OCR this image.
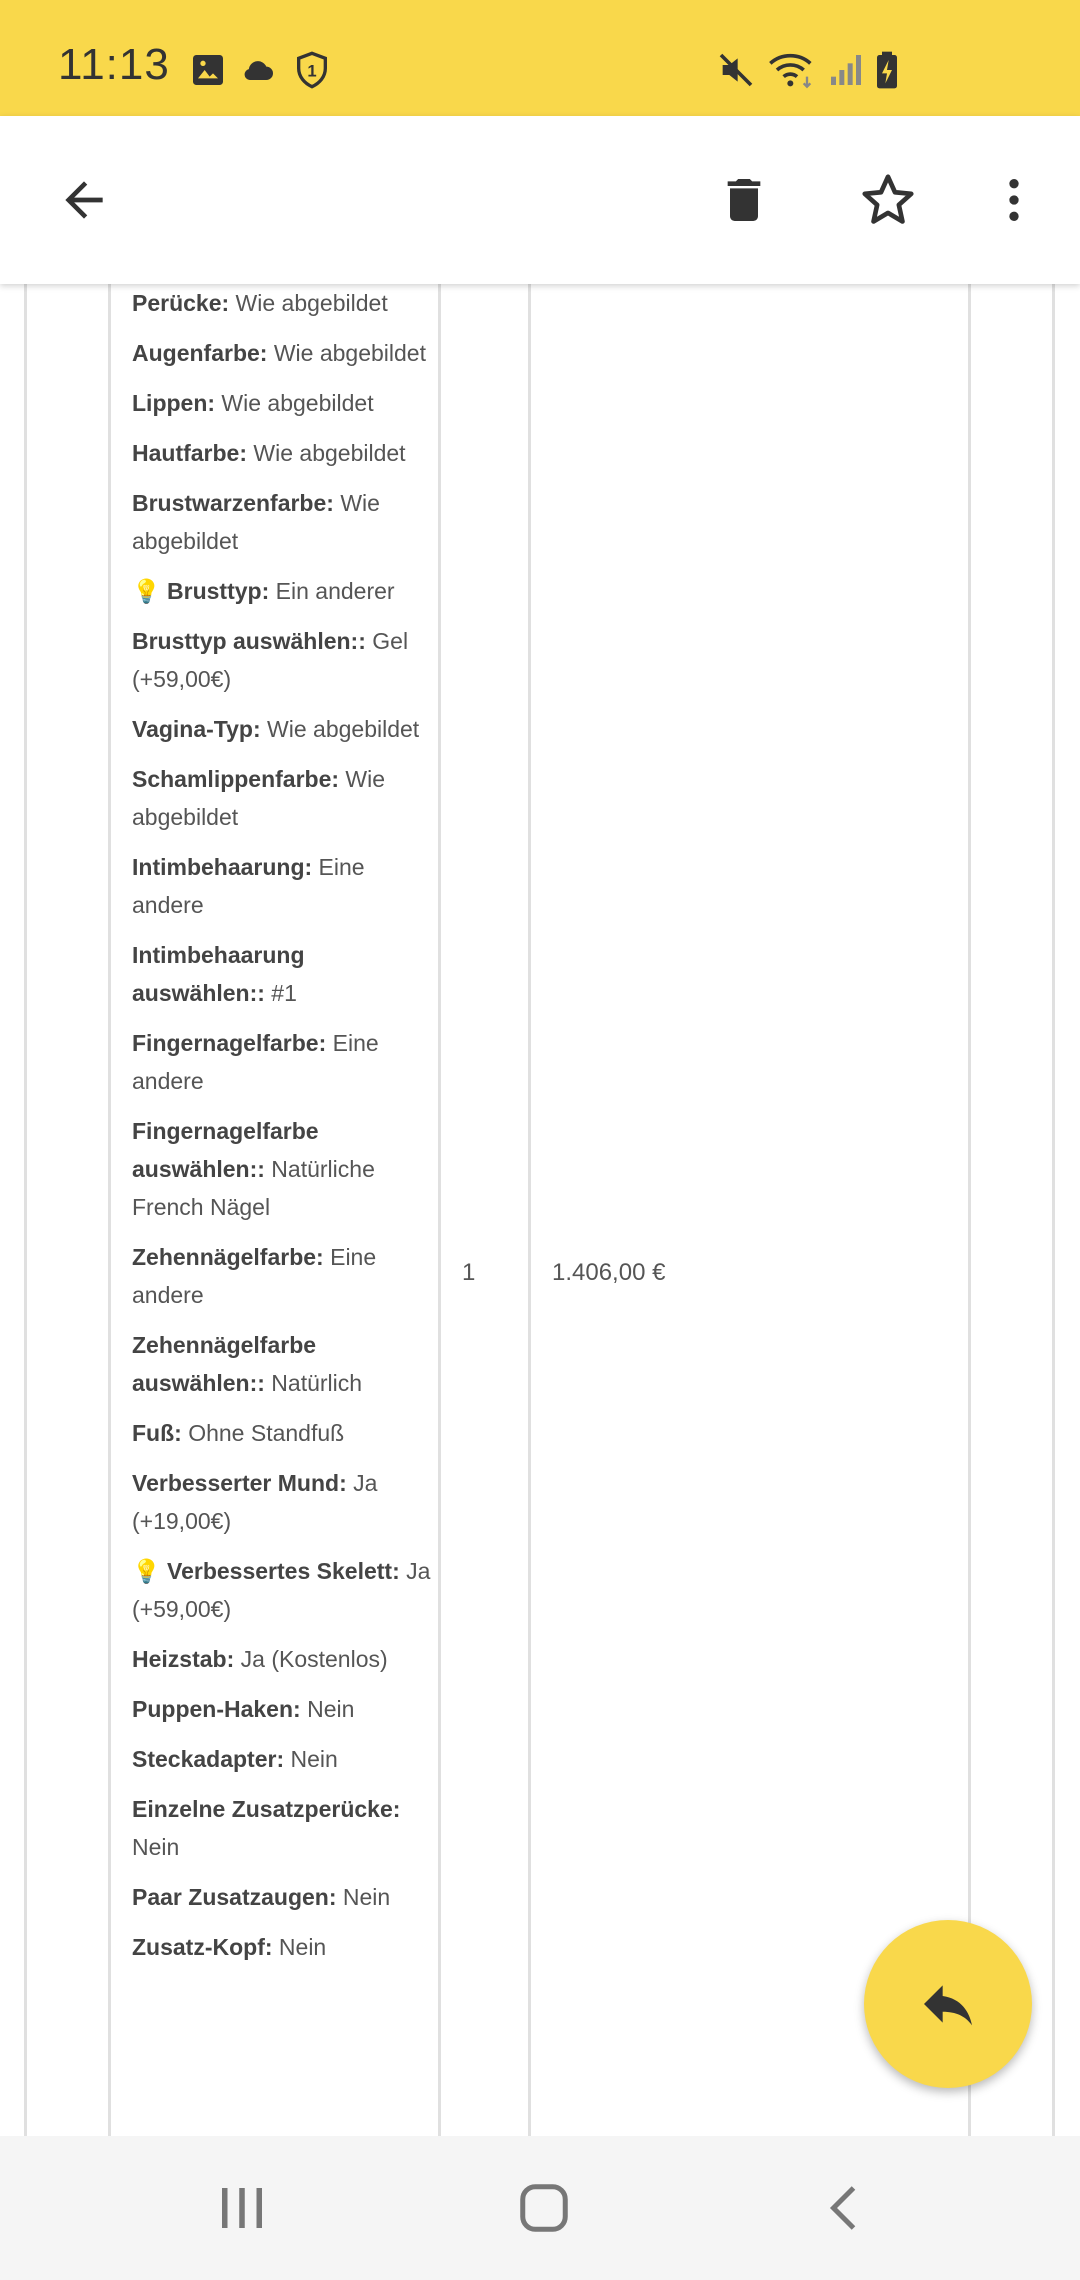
11:13	1
Perücke: Wie abgebildet
Augenfarbe: Wie abgebildet
Lippen: Wie abgebildet
Hautfarbe: Wie abgebildet
Brustwarzenfarbe: Wie abgebildet
💡 Brusttyp: Ein anderer
Brusttyp auswählen:: Gel (+59,00€)
Vagina-Typ: Wie abgebildet
Schamlippenfarbe: Wie abgebildet
Intimbehaarung: Eine andere
Intimbehaarung auswählen:: #1
Fingernagelfarbe: Eine andere
Fingernagelfarbe auswählen:: Natürliche French Nägel
Zehennägelfarbe: Eine andere
Zehennägelfarbe auswählen:: Natürlich
Fuß: Ohne Standfuß
Verbesserter Mund: Ja (+19,00€)
💡 Verbessertes Skelett: Ja (+59,00€)
Heizstab: Ja (Kostenlos)
Puppen-Haken: Nein
Steckadapter: Nein
Einzelne Zusatzperücke: Nein
Paar Zusatzaugen: Nein
Zusatz-Kopf: Nein
1	1.406,00 €
